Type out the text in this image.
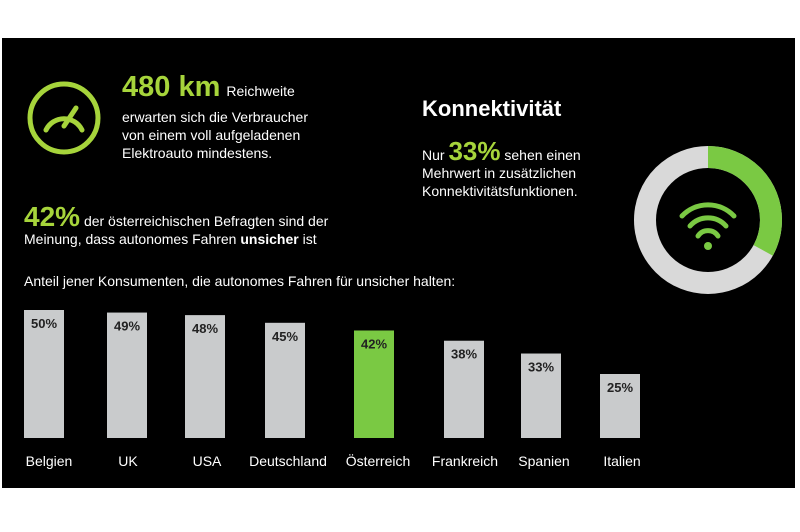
480 km Reichweite
erwarten sich die Verbraucher
von einem voll aufgeladenen
Elektroauto mindestens.
Konnektivität
Nur 33% sehen einen
Mehrwert in zusätzlichen
Konnektivitätsfunktionen.
42% der österreichischen Befragten sind der
Meinung, dass autonomes Fahren unsicher ist
Anteil jener Konsumenten, die autonomes Fahren für unsicher halten:
50%
Belgien
49%
UK
48%
USA
45%
Deutschland
42%
Österreich
38%
Frankreich
33%
Spanien
25%
Italien
